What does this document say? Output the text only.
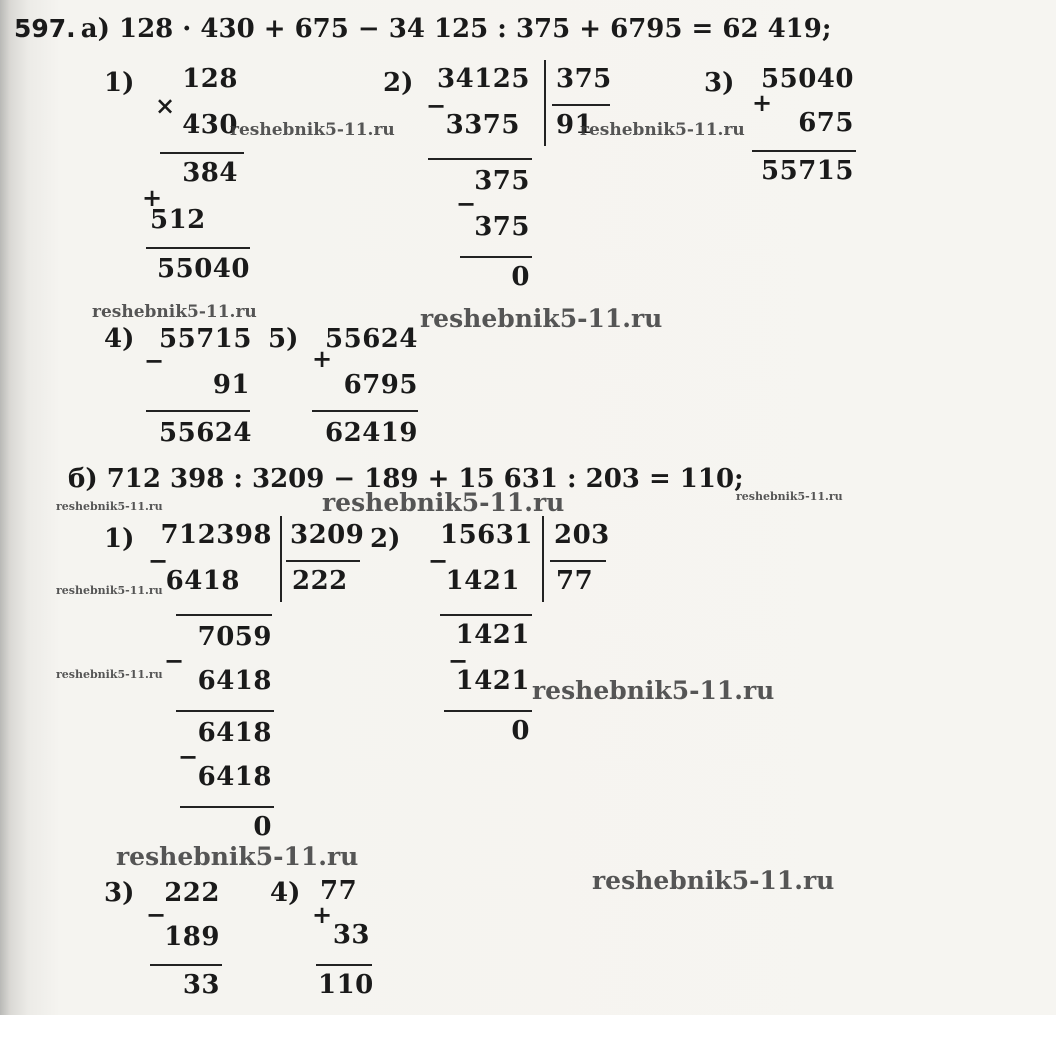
597. а) 128 · 430 + 675 − 34 125 : 375 + 6795 = 62 419;
1)
×
128
430
384
+
512
55040
2)
−
34125 375
91
3375
375
−
375
0
3)
+
55040
675
55715
4)
−
55715
91
55624
5)
+
55624
6795
62419
б) 712 398 : 3209 − 189 + 15 631 : 203 = 110;
1)
−
712398 3209
222
6418
7059
−
6418
6418
−
6418
0
2)
−
15631 203
77
1421
1421
−
1421
0
3)
−
222
189
33
4)
+
77
33
110
reshebnik5-11.ru	reshebnik5-11.ru
reshebnik5-11.ru	reshebnik5-11.ru
reshebnik5-11.ru	reshebnik5-11.ru	reshebnik5-11.ru
reshebnik5-11.ru
reshebnik5-11.ru
reshebnik5-11.ru
reshebnik5-11.ru
reshebnik5-11.ru
